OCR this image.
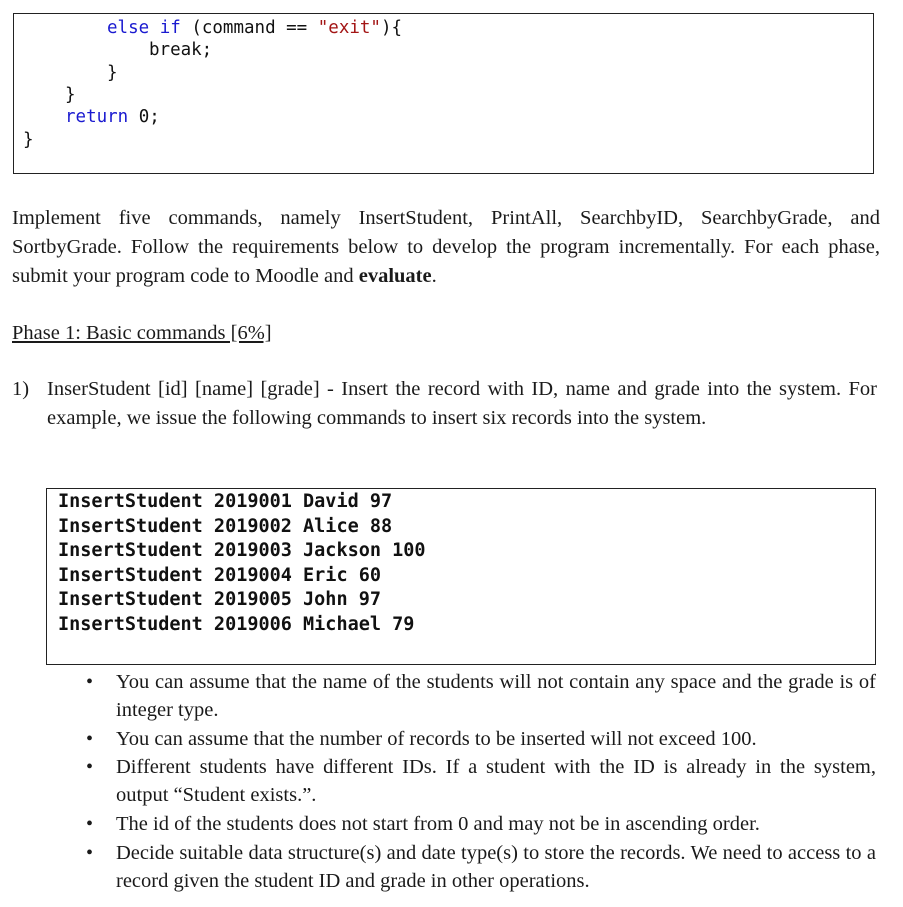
else if (command == "exit"){
break;
}
}
return 0;
}

Implement five commands, namely InsertStudent, PrintAll, SearchbyID, SearchbyGrade, and SortbyGrade. Follow the requirements below to develop the program incrementally. For each phase, submit your program code to Moodle and evaluate.

Phase 1: Basic commands [6%]
1) InserStudent [id] [name] [grade] - Insert the record with ID, name and grade into the system. For example, we issue the following commands to insert six records into the system.

InsertStudent 2019001 David 97
InsertStudent 2019002 Alice 88
InsertStudent 2019003 Jackson 100
InsertStudent 2019004 Eric 60
InsertStudent 2019005 John 97
InsertStudent 2019006 Michael 79
• You can assume that the name of the students will not contain any space and the grade is of integer type.

• You can assume that the number of records to be inserted will not exceed 100.

• Different students have different IDs. If a student with the ID is already in the system, output “Student exists.”.

• The id of the students does not start from 0 and may not be in ascending order.

• Decide suitable data structure(s) and date type(s) to store the records. We need to access to a record given the student ID and grade in other operations.
